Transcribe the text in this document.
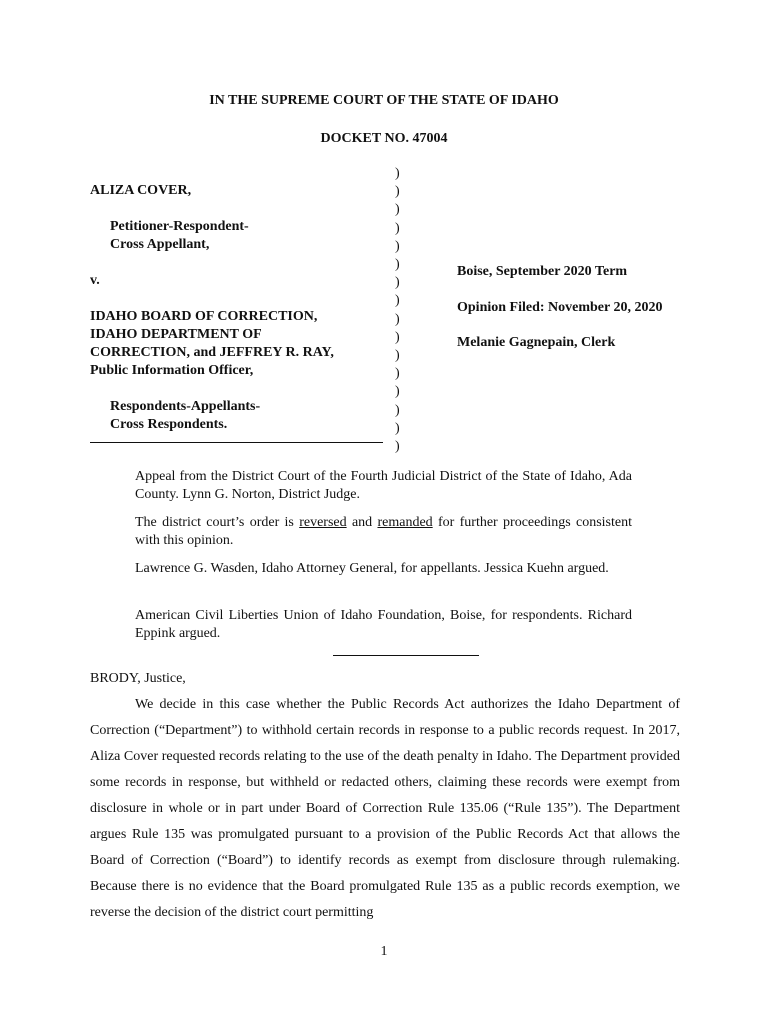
IN THE SUPREME COURT OF THE STATE OF IDAHO
DOCKET NO. 47004
ALIZA COVER,
Petitioner-Respondent-
Cross Appellant,
v.
IDAHO BOARD OF CORRECTION,
IDAHO DEPARTMENT OF
CORRECTION, and JEFFREY R. RAY,
Public Information Officer,
Respondents-Appellants-
Cross Respondents.
)
)
)
)
)
)
)
)
)
)
)
)
)
)
)
)
Boise, September 2020 Term
Opinion Filed: November 20, 2020
Melanie Gagnepain, Clerk

Appeal from the District Court of the Fourth Judicial District of the State of Idaho, Ada County. Lynn G. Norton, District Judge.

The district court’s order is reversed and remanded for further proceedings consistent with this opinion.

Lawrence G. Wasden, Idaho Attorney General, for appellants. Jessica Kuehn argued.

American Civil Liberties Union of Idaho Foundation, Boise, for respondents. Richard Eppink argued.

BRODY, Justice,

We decide in this case whether the Public Records Act authorizes the Idaho Department of Correction (“Department”) to withhold certain records in response to a public records request. In 2017, Aliza Cover requested records relating to the use of the death penalty in Idaho. The Department provided some records in response, but withheld or redacted others, claiming these records were exempt from disclosure in whole or in part under Board of Correction Rule 135.06 (“Rule 135”). The Department argues Rule 135 was promulgated pursuant to a provision of the Public Records Act that allows the Board of Correction (“Board”) to identify records as exempt from disclosure through rulemaking. Because there is no evidence that the Board promulgated Rule 135 as a public records exemption, we reverse the decision of the district court permitting

1
